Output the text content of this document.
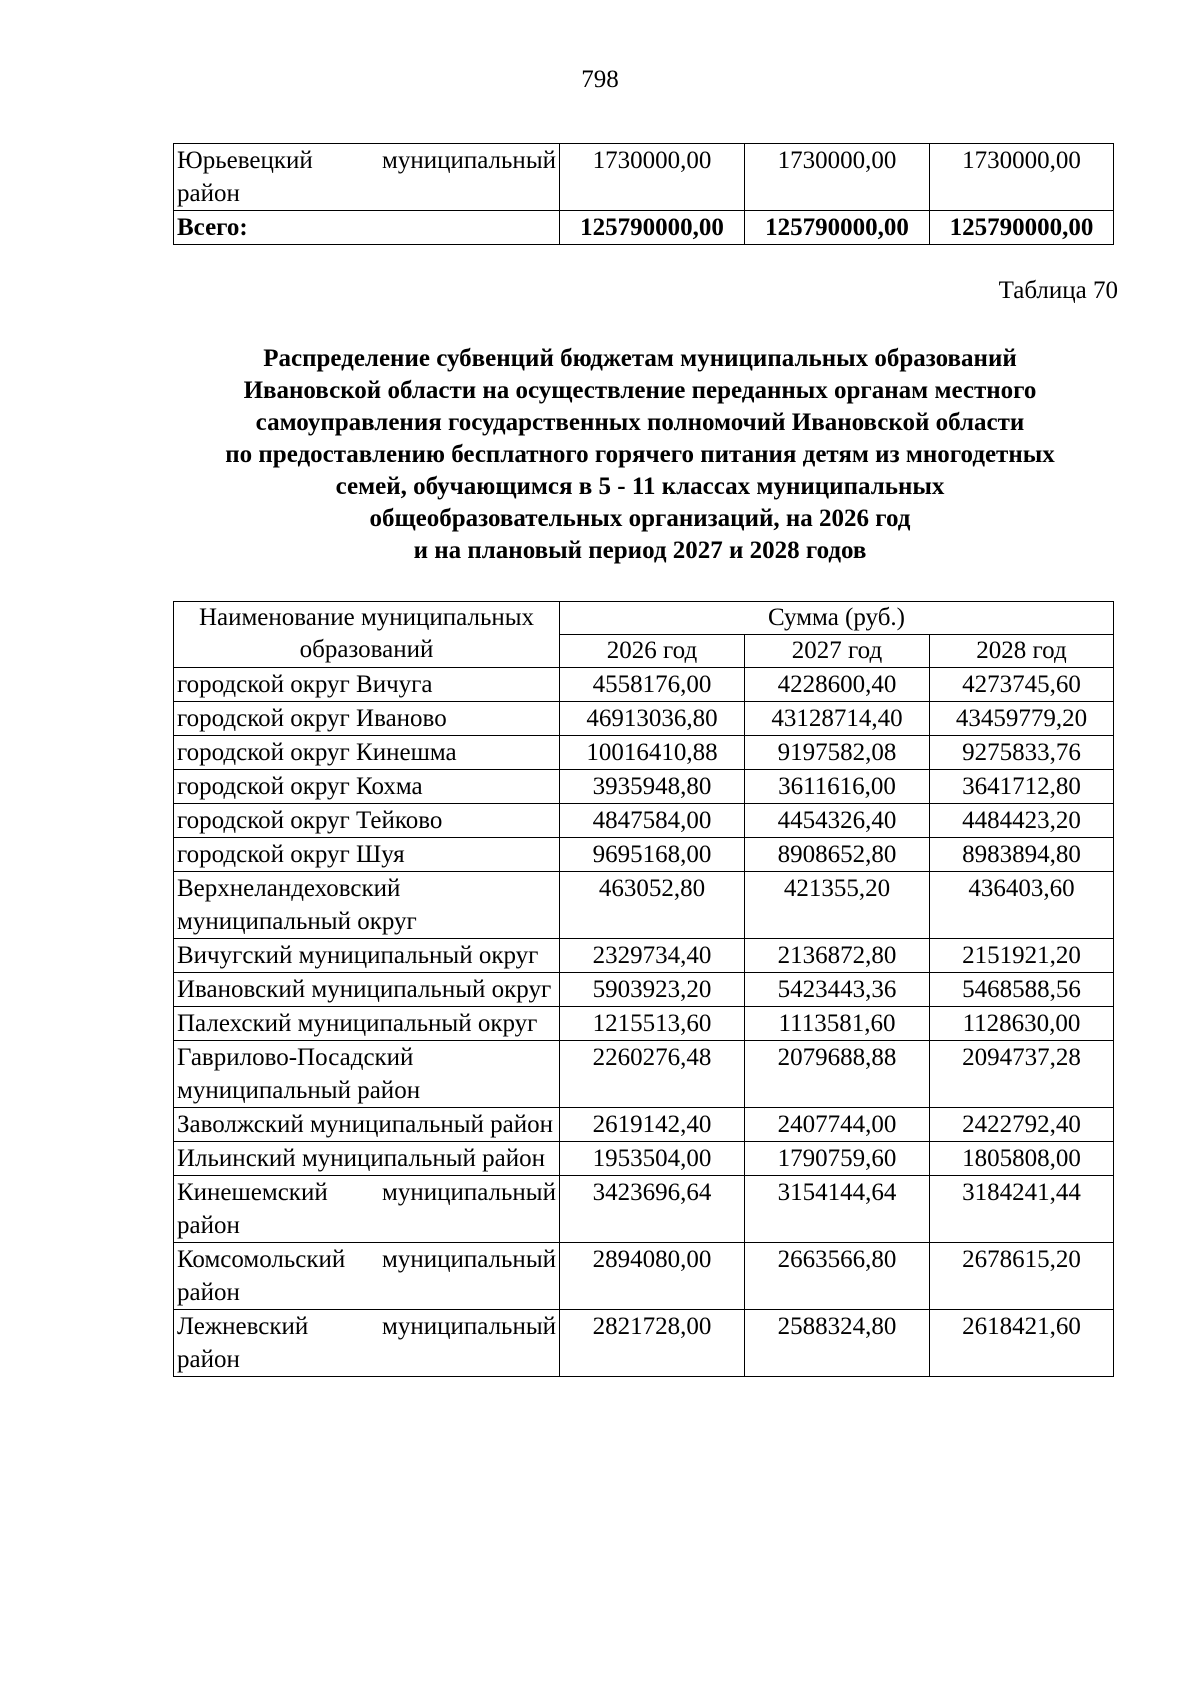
798
Юрьевецкий муниципальный район	1730000,00	1730000,00	1730000,00
Всего:	125790000,00	125790000,00	125790000,00
Таблица 70
Распределение субвенций бюджетам муниципальных образований
Ивановской области на осуществление переданных органам местного
самоуправления государственных полномочий Ивановской области
по предоставлению бесплатного горячего питания детям из многодетных
семей, обучающимся в 5 - 11 классах муниципальных
общеобразовательных организаций, на 2026 год
и на плановый период 2027 и 2028 годов
Наименование муниципальных образований	Сумма (руб.)		
	2026 год	2027 год	2028 год
городской округ Вичуга	4558176,00	4228600,40	4273745,60
городской округ Иваново	46913036,80	43128714,40	43459779,20
городской округ Кинешма	10016410,88	9197582,08	9275833,76
городской округ Кохма	3935948,80	3611616,00	3641712,80
городской округ Тейково	4847584,00	4454326,40	4484423,20
городской округ Шуя	9695168,00	8908652,80	8983894,80
Верхнеландеховский муниципальный округ	463052,80	421355,20	436403,60
Вичугский муниципальный округ	2329734,40	2136872,80	2151921,20
Ивановский муниципальный округ	5903923,20	5423443,36	5468588,56
Палехский муниципальный округ	1215513,60	1113581,60	1128630,00
Гаврилово-Посадский муниципальный район	2260276,48	2079688,88	2094737,28
Заволжский муниципальный район	2619142,40	2407744,00	2422792,40
Ильинский муниципальный район	1953504,00	1790759,60	1805808,00
Кинешемский муниципальный район	3423696,64	3154144,64	3184241,44
Комсомольский муниципальный район	2894080,00	2663566,80	2678615,20
Лежневский муниципальный район	2821728,00	2588324,80	2618421,60
